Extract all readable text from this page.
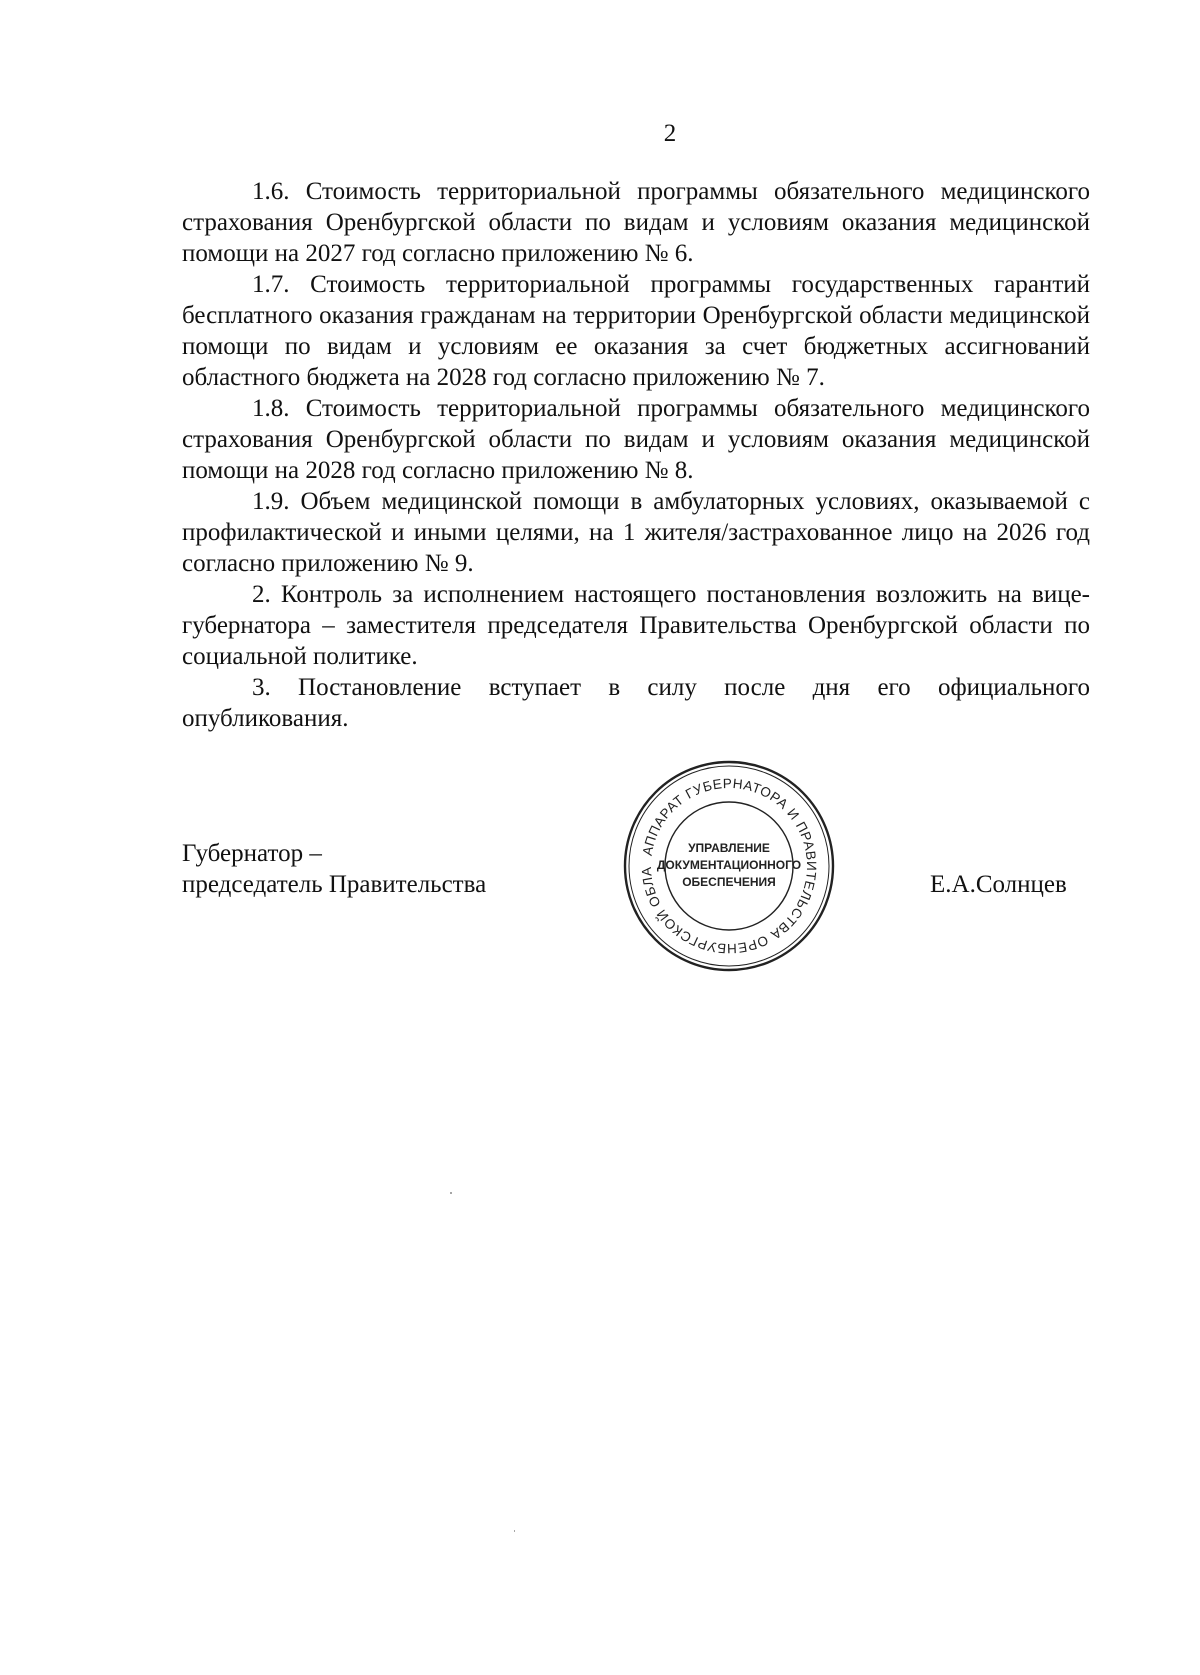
2

1.6. Стоимость территориальной программы обязательного медицинского страхования Оренбургской области по видам и условиям оказания медицинской помощи на 2027 год согласно приложению № 6.

1.7. Стоимость территориальной программы государственных гарантий бесплатного оказания гражданам на территории Оренбургской области медицинской помощи по видам и условиям ее оказания за счет бюджетных ассигнований областного бюджета на 2028 год согласно приложению № 7.

1.8. Стоимость территориальной программы обязательного медицинского страхования Оренбургской области по видам и условиям оказания медицинской помощи на 2028 год согласно приложению № 8.

1.9. Объем медицинской помощи в амбулаторных условиях, оказываемой с профилактической и иными целями, на 1 жителя/застрахованное лицо на 2026 год согласно приложению № 9.

2. Контроль за исполнением настоящего постановления возложить на вице-губернатора – заместителя председателя Правительства Оренбургской области по социальной политике.

3. Постановление вступает в силу после дня его официального опубликования.

Губернатор –
председатель Правительства	Е.А.Солнцев
АППАРАТ ГУБЕРНАТОРА И ПРАВИТЕЛЬСТВА ОРЕНБУРГСКОЙ ОБЛА
УПРАВЛЕНИЕ
ДОКУМЕНТАЦИОННОГО
ОБЕСПЕЧЕНИЯ
